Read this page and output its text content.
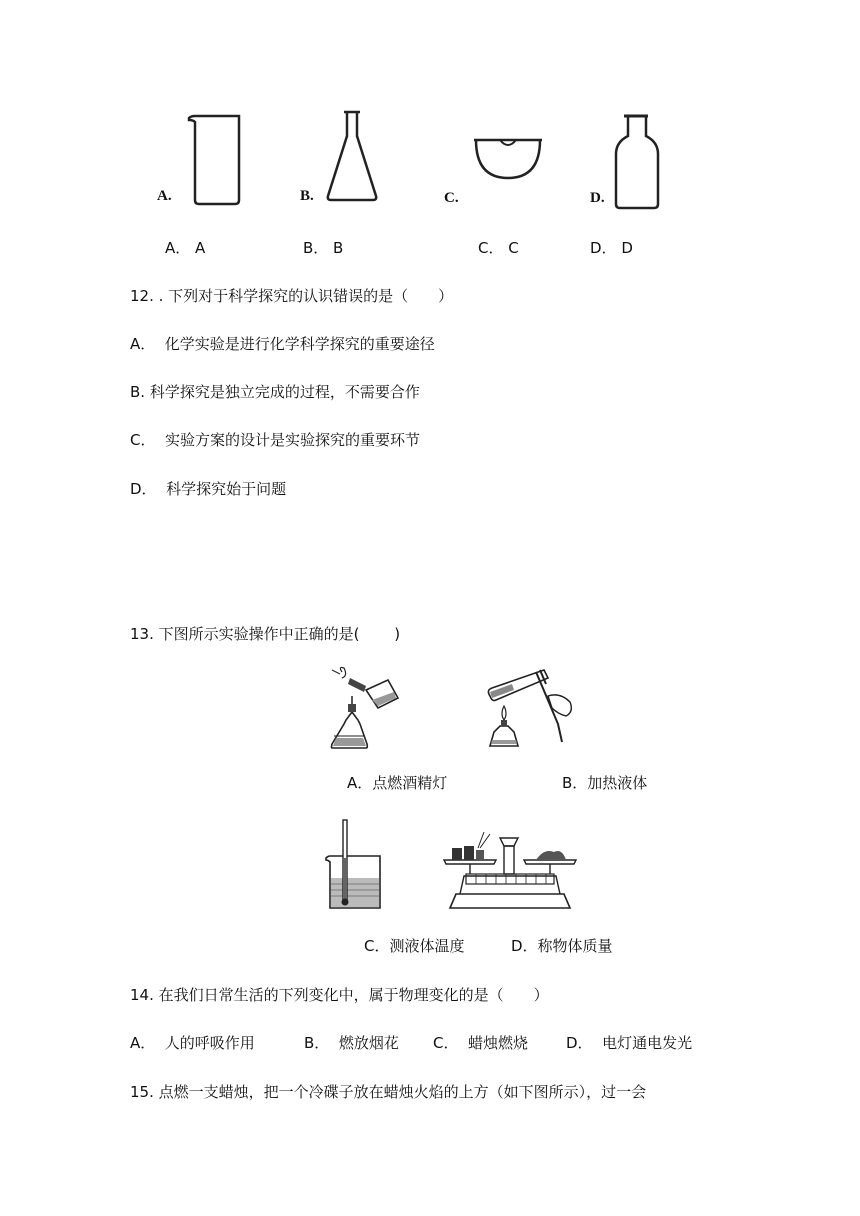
A.	B.	C.	D.
A． A	B． B	C． C	D． D
12. . 下列对于科学探究的认识错误的是（　　）
A．  化学实验是进行化学科学探究的重要途径
B. 科学探究是独立完成的过程，不需要合作
C．  实验方案的设计是实验探究的重要环节
D．  科学探究始于问题
13. 下图所示实验操作中正确的是(　　 )
A．点燃酒精灯	B．加热液体
C．测液体温度	D．称物体质量
14. 在我们日常生活的下列变化中，属于物理变化的是（　　）
A．  人的呼吸作用	B．  燃放烟花 C．  蜡烛燃烧	D．  电灯通电发光
15. 点燃一支蜡烛，把一个冷碟子放在蜡烛火焰的上方（如下图所示），过一会
